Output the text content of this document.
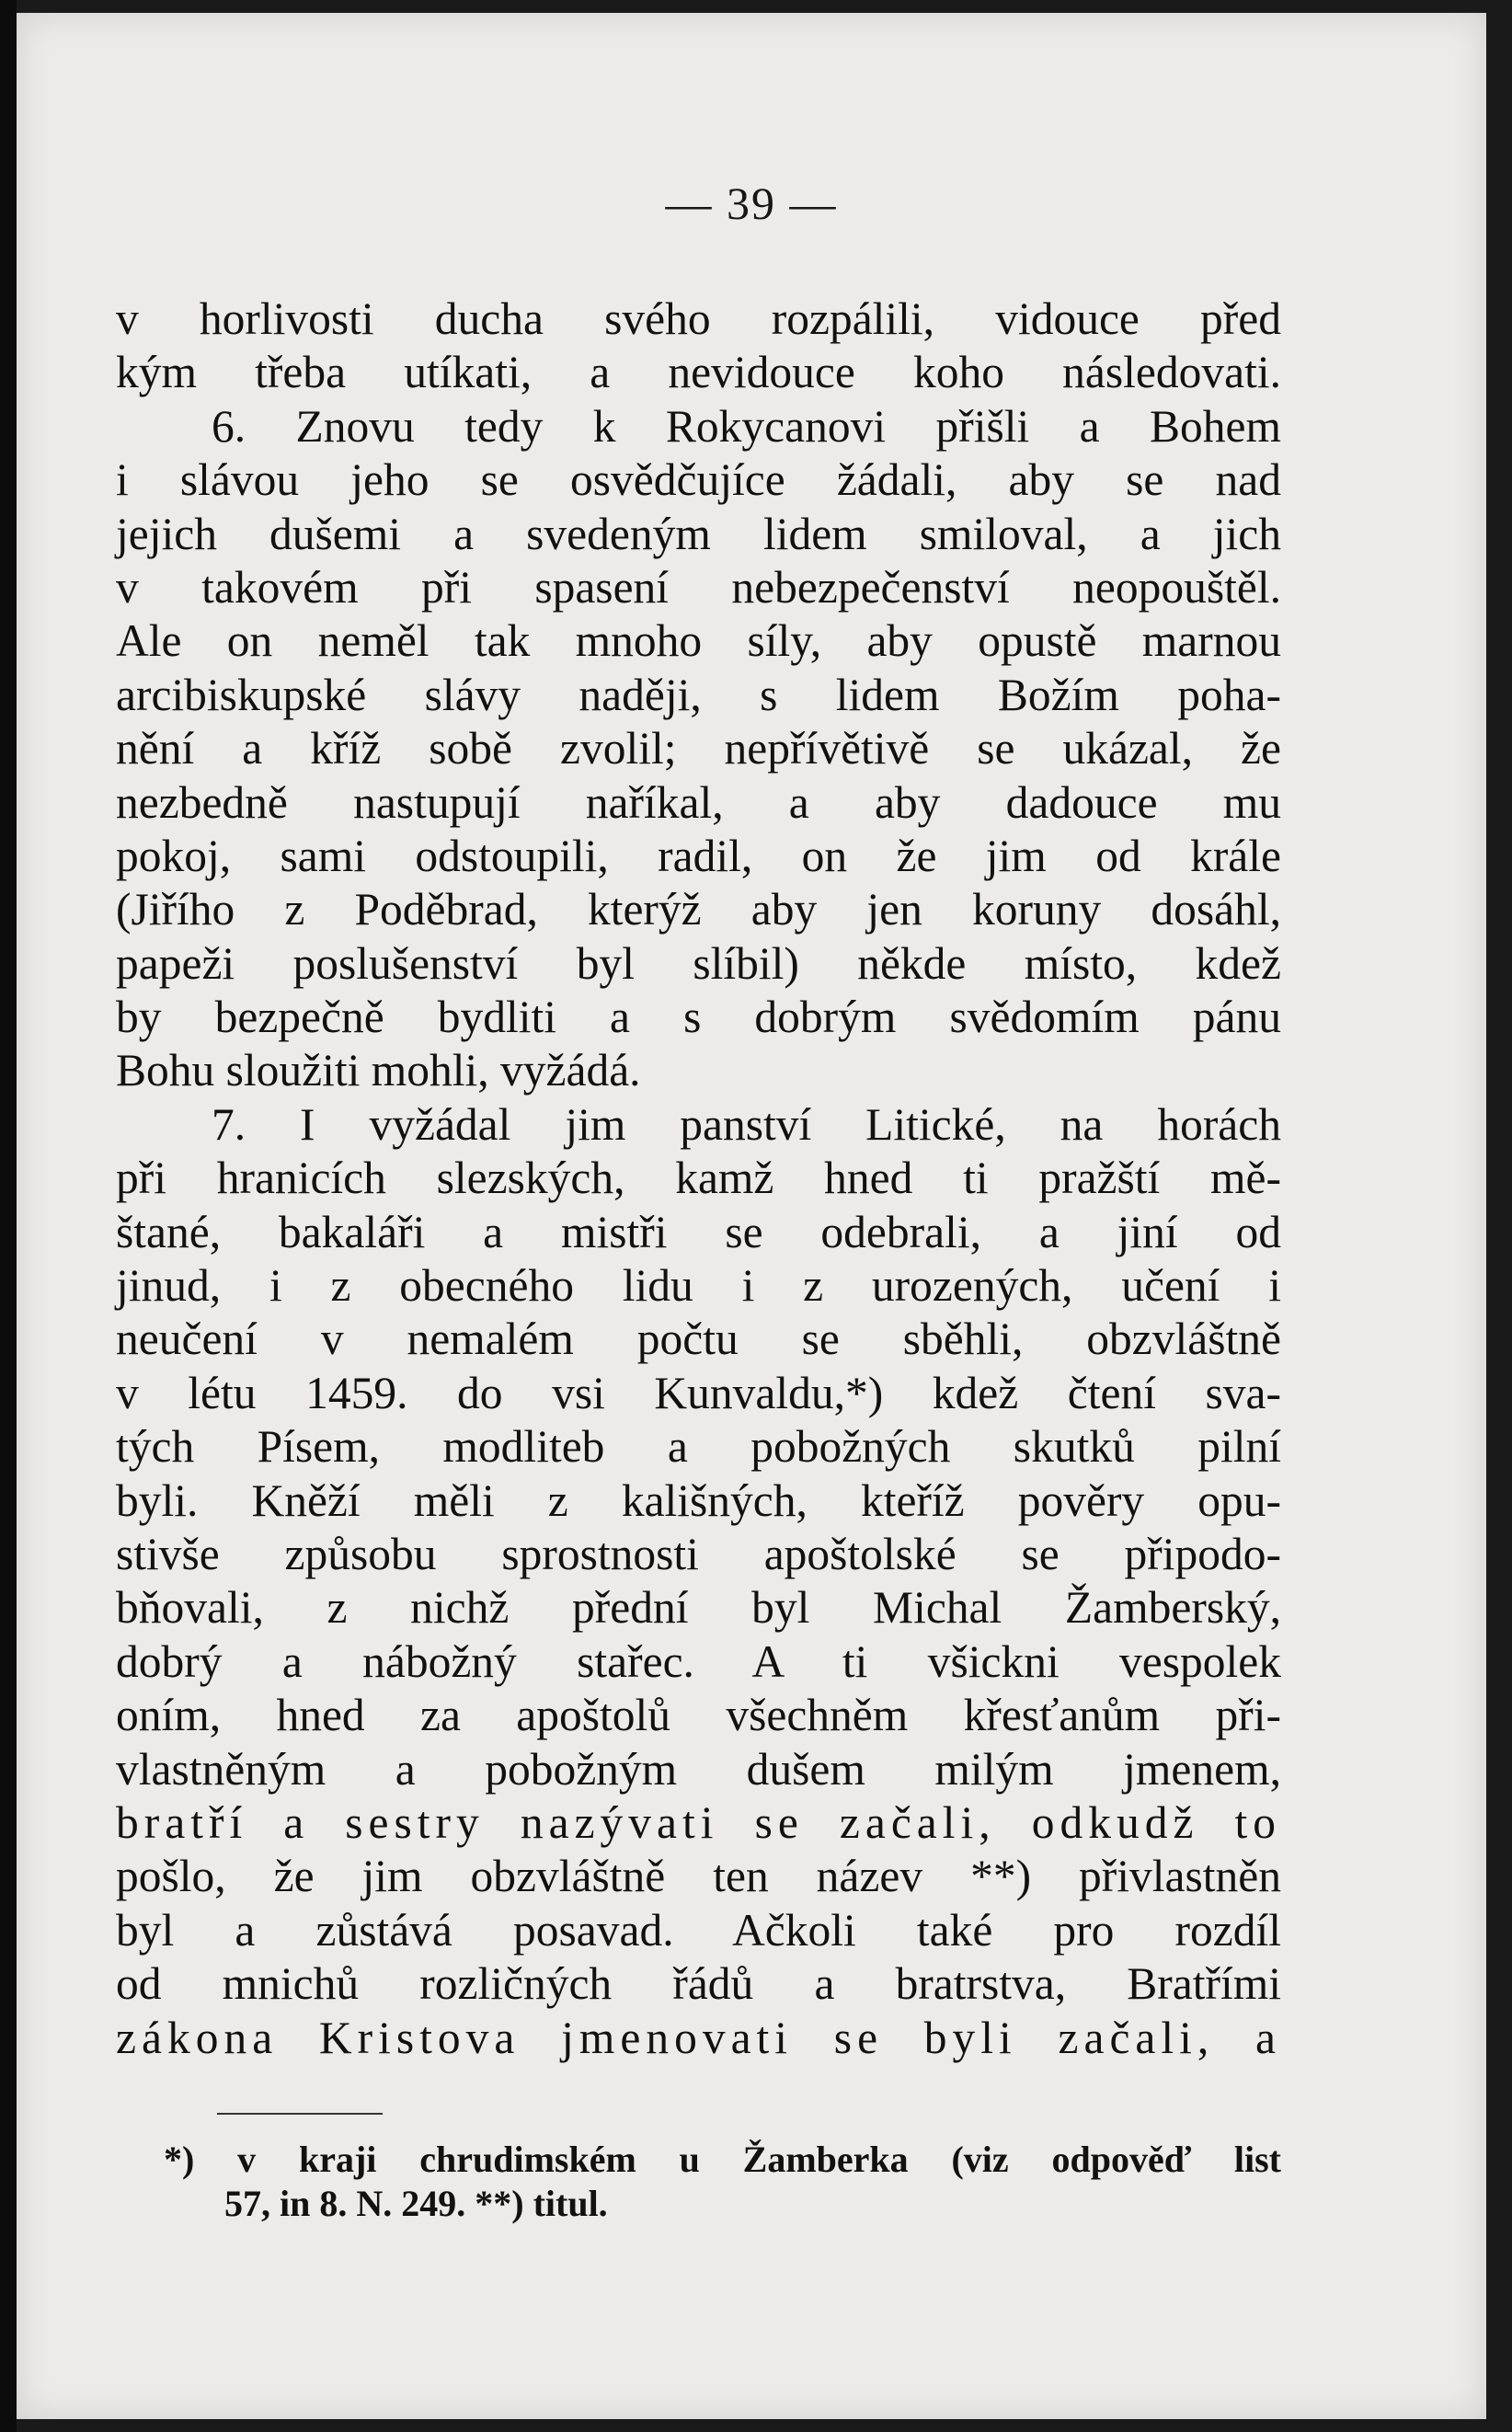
— 39 —
v horlivosti ducha svého rozpálili, vidouce před
kým třeba utíkati, a nevidouce koho následovati.
6. Znovu tedy k Rokycanovi přišli a Bohem
i slávou jeho se osvědčujíce žádali, aby se nad
jejich dušemi a svedeným lidem smiloval, a jich
v takovém při spasení nebezpečenství neopouštěl.
Ale on neměl tak mnoho síly, aby opustě marnou
arcibiskupské slávy naději, s lidem Božím poha-
nění a kříž sobě zvolil; nepřívětivě se ukázal, že
nezbedně nastupují naříkal, a aby dadouce mu
pokoj, sami odstoupili, radil, on že jim od krále
(Jiřího z Poděbrad, kterýž aby jen koruny dosáhl,
papeži poslušenství byl slíbil) někde místo, kdež
by bezpečně bydliti a s dobrým svědomím pánu
Bohu sloužiti mohli, vyžádá.
7. I vyžádal jim panství Litické, na horách
při hranicích slezských, kamž hned ti pražští mě-
štané, bakaláři a mistři se odebrali, a jiní od
jinud, i z obecného lidu i z urozených, učení i
neučení v nemalém počtu se sběhli, obzvláštně
v létu 1459. do vsi Kunvaldu,*) kdež čtení sva-
tých Písem, modliteb a pobožných skutků pilní
byli. Kněží měli z kališných, kteříž pověry opu-
stivše způsobu sprostnosti apoštolské se připodo-
bňovali, z nichž přední byl Michal Žamberský,
dobrý a nábožný stařec. A ti všickni vespolek
oním, hned za apoštolů všechněm křesťanům při-
vlastněným a pobožným dušem milým jmenem,
bratří a sestry nazývati se začali, odkudž to
pošlo, že jim obzvláštně ten název **) přivlastněn
byl a zůstává posavad. Ačkoli také pro rozdíl
od mnichů rozličných řádů a bratrstva, Bratřími
zákona Kristova jmenovati se byli začali, a
*) v kraji chrudimském u Žamberka (viz odpověď list
57, in 8. N. 249. **) titul.
